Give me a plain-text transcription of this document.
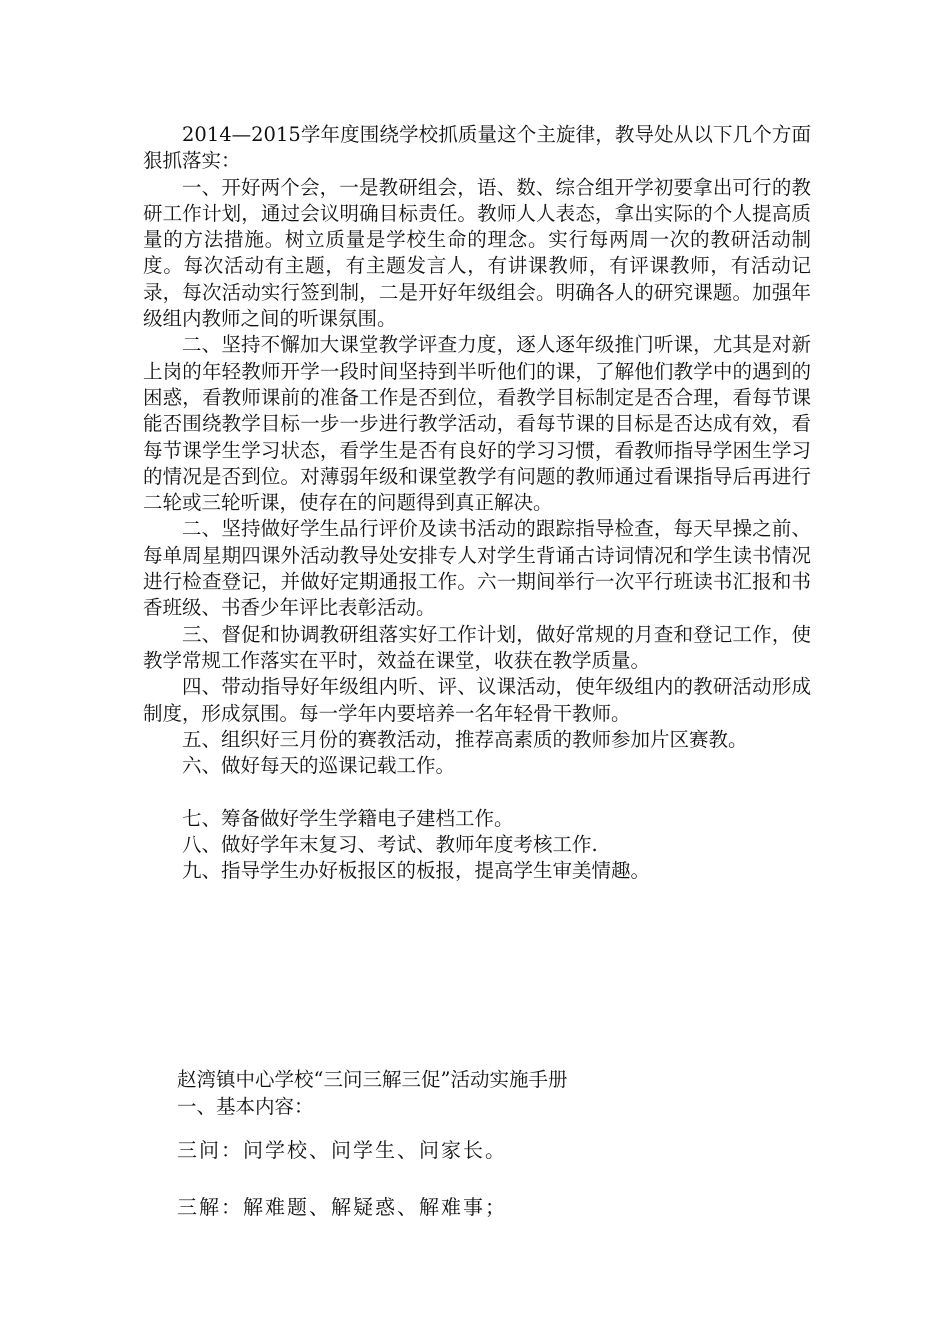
2014—2015学年度围绕学校抓质量这个主旋律，教导处从以下几个方面狠抓落实：

一、开好两个会，一是教研组会，语、数、综合组开学初要拿出可行的教研工作计划，通过会议明确目标责任。教师人人表态，拿出实际的个人提高质量的方法措施。树立质量是学校生命的理念。实行每两周一次的教研活动制度。每次活动有主题，有主题发言人，有讲课教师，有评课教师，有活动记录，每次活动实行签到制，二是开好年级组会。明确各人的研究课题。加强年级组内教师之间的听课氛围。

二、坚持不懈加大课堂教学评查力度，逐人逐年级推门听课，尤其是对新上岗的年轻教师开学一段时间坚持到半听他们的课，了解他们教学中的遇到的困惑，看教师课前的准备工作是否到位，看教学目标制定是否合理，看每节课能否围绕教学目标一步一步进行教学活动，看每节课的目标是否达成有效，看每节课学生学习状态，看学生是否有良好的学习习惯，看教师指导学困生学习的情况是否到位。对薄弱年级和课堂教学有问题的教师通过看课指导后再进行二轮或三轮听课，使存在的问题得到真正解决。

二、坚持做好学生品行评价及读书活动的跟踪指导检查，每天早操之前、每单周星期四课外活动教导处安排专人对学生背诵古诗词情况和学生读书情况进行检查登记，并做好定期通报工作。六一期间举行一次平行班读书汇报和书香班级、书香少年评比表彰活动。

三、督促和协调教研组落实好工作计划，做好常规的月查和登记工作，使教学常规工作落实在平时，效益在课堂，收获在教学质量。

四、带动指导好年级组内听、评、议课活动，使年级组内的教研活动形成制度，形成氛围。每一学年内要培养一名年轻骨干教师。

五、组织好三月份的赛教活动，推荐高素质的教师参加片区赛教。

六、做好每天的巡课记载工作。

七、筹备做好学生学籍电子建档工作。

八、做好学年末复习、考试、教师年度考核工作.

九、指导学生办好板报区的板报，提高学生审美情趣。

赵湾镇中心学校“三问三解三促”活动实施手册

一、基本内容：

三问：问学校、问学生、问家长。

三解：解难题、解疑惑、解难事；
